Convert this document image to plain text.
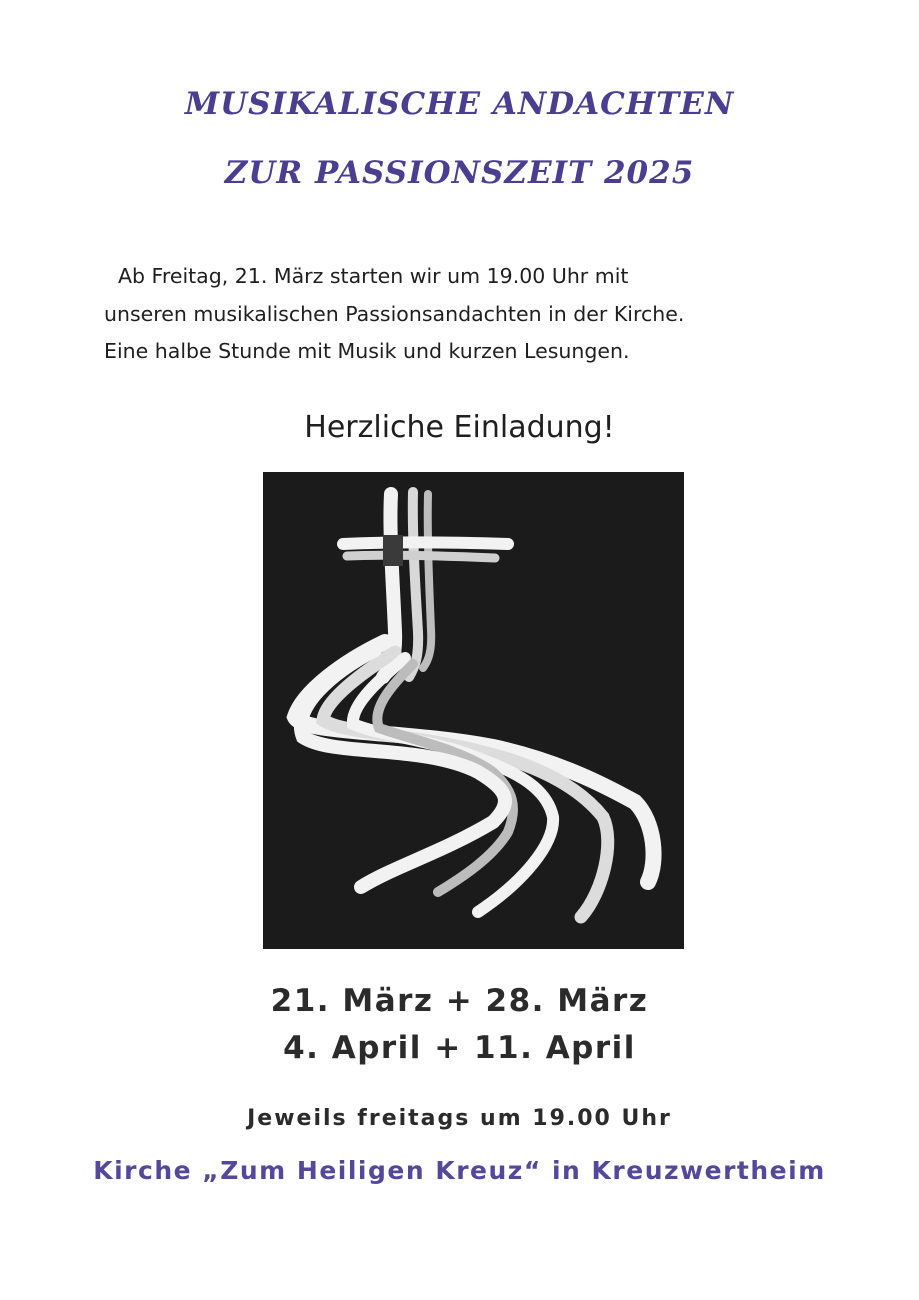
MUSIKALISCHE ANDACHTEN
ZUR PASSIONSZEIT 2025
Ab Freitag, 21. März starten wir um 19.00 Uhr mit
unseren musikalischen Passionsandachten in der Kirche.
Eine halbe Stunde mit Musik und kurzen Lesungen.
Herzliche Einladung!
21. März + 28. März
4. April + 11. April
Jeweils freitags um 19.00 Uhr
Kirche „Zum Heiligen Kreuz“ in Kreuzwertheim
